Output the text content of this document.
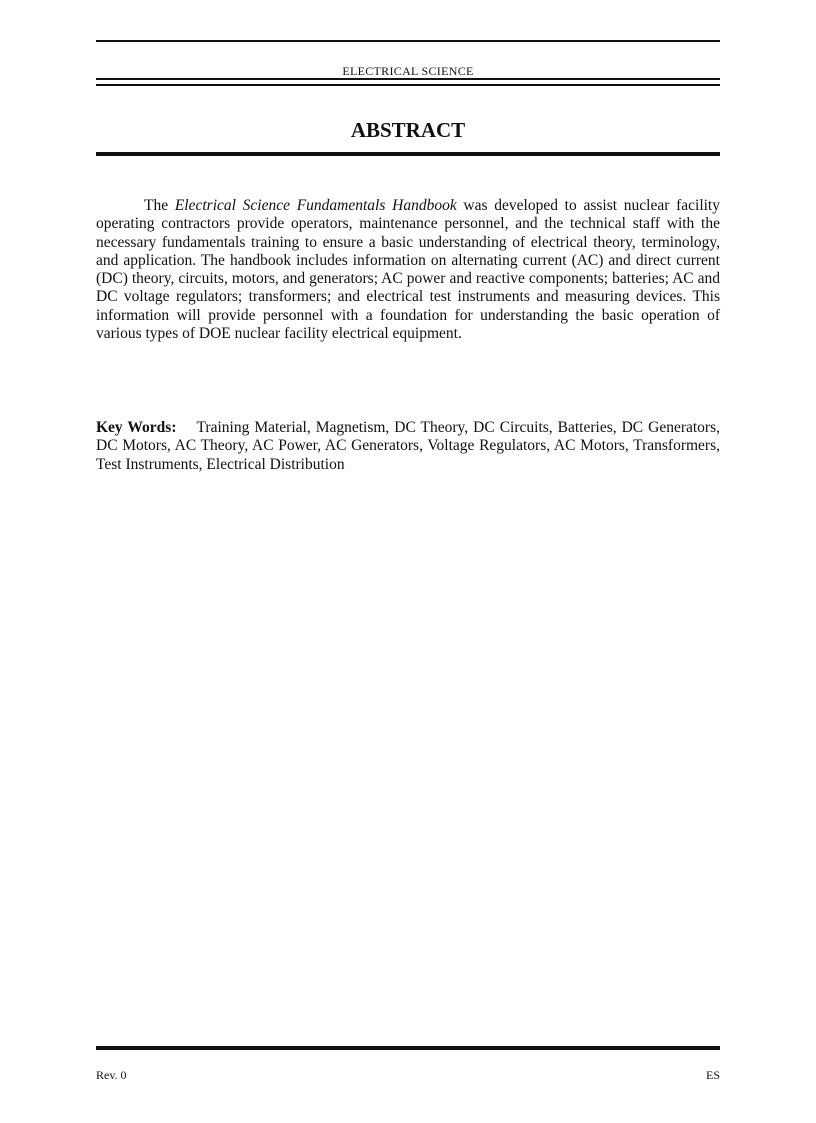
ELECTRICAL SCIENCE
ABSTRACT

The Electrical Science Fundamentals Handbook was developed to assist nuclear facility operating contractors provide operators, maintenance personnel, and the technical staff with the necessary fundamentals training to ensure a basic understanding of electrical theory, terminology, and application. The handbook includes information on alternating current (AC) and direct current (DC) theory, circuits, motors, and generators; AC power and reactive components; batteries; AC and DC voltage regulators; transformers; and electrical test instruments and measuring devices. This information will provide personnel with a foundation for understanding the basic operation of various types of DOE nuclear facility electrical equipment.

Key Words: Training Material, Magnetism, DC Theory, DC Circuits, Batteries, DC Generators, DC Motors, AC Theory, AC Power, AC Generators, Voltage Regulators, AC Motors, Transformers, Test Instruments, Electrical Distribution

Rev. 0	ES
